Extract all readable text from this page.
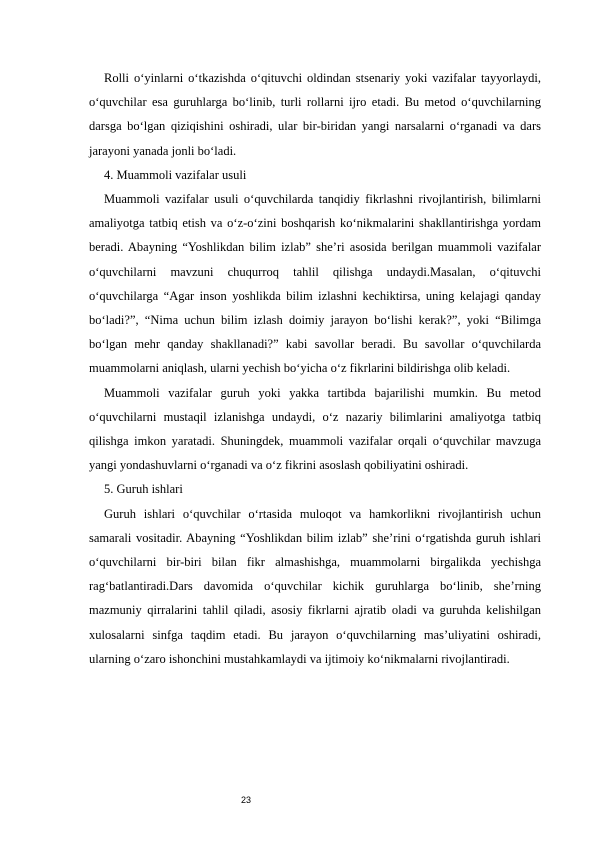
Rolli o‘yinlarni o‘tkazishda o‘qituvchi oldindan stsenariy yoki vazifalar tayyorlaydi, o‘quvchilar esa guruhlarga bo‘linib, turli rollarni ijro etadi. Bu metod o‘quvchilarning darsga bo‘lgan qiziqishini oshiradi, ular bir-biridan yangi narsalarni o‘rganadi va dars jarayoni yanada jonli bo‘ladi.

4. Muammoli vazifalar usuli

Muammoli vazifalar usuli o‘quvchilarda tanqidiy fikrlashni rivojlantirish, bilimlarni amaliyotga tatbiq etish va o‘z-o‘zini boshqarish ko‘nikmalarini shakllantirishga yordam beradi. Abayning “Yoshlikdan bilim izlab” she’ri asosida berilgan muammoli vazifalar o‘quvchilarni mavzuni chuqurroq tahlil qilishga undaydi.Masalan, o‘qituvchi o‘quvchilarga “Agar inson yoshlikda bilim izlashni kechiktirsa, uning kelajagi qanday bo‘ladi?”, “Nima uchun bilim izlash doimiy jarayon bo‘lishi kerak?”, yoki “Bilimga bo‘lgan mehr qanday shakllanadi?” kabi savollar beradi. Bu savollar o‘quvchilarda muammolarni aniqlash, ularni yechish bo‘yicha o‘z fikrlarini bildirishga olib keladi.

Muammoli vazifalar guruh yoki yakka tartibda bajarilishi mumkin. Bu metod o‘quvchilarni mustaqil izlanishga undaydi, o‘z nazariy bilimlarini amaliyotga tatbiq qilishga imkon yaratadi. Shuningdek, muammoli vazifalar orqali o‘quvchilar mavzuga yangi yondashuvlarni o‘rganadi va o‘z fikrini asoslash qobiliyatini oshiradi.

5. Guruh ishlari

Guruh ishlari o‘quvchilar o‘rtasida muloqot va hamkorlikni rivojlantirish uchun samarali vositadir. Abayning “Yoshlikdan bilim izlab” she’rini o‘rgatishda guruh ishlari o‘quvchilarni bir-biri bilan fikr almashishga, muammolarni birgalikda yechishga rag‘batlantiradi.Dars davomida o‘quvchilar kichik guruhlarga bo‘linib, she’rning mazmuniy qirralarini tahlil qiladi, asosiy fikrlarni ajratib oladi va guruhda kelishilgan xulosalarni sinfga taqdim etadi. Bu jarayon o‘quvchilarning mas’uliyatini oshiradi, ularning o‘zaro ishonchini mustahkamlaydi va ijtimoiy ko‘nikmalarni rivojlantiradi.

23
